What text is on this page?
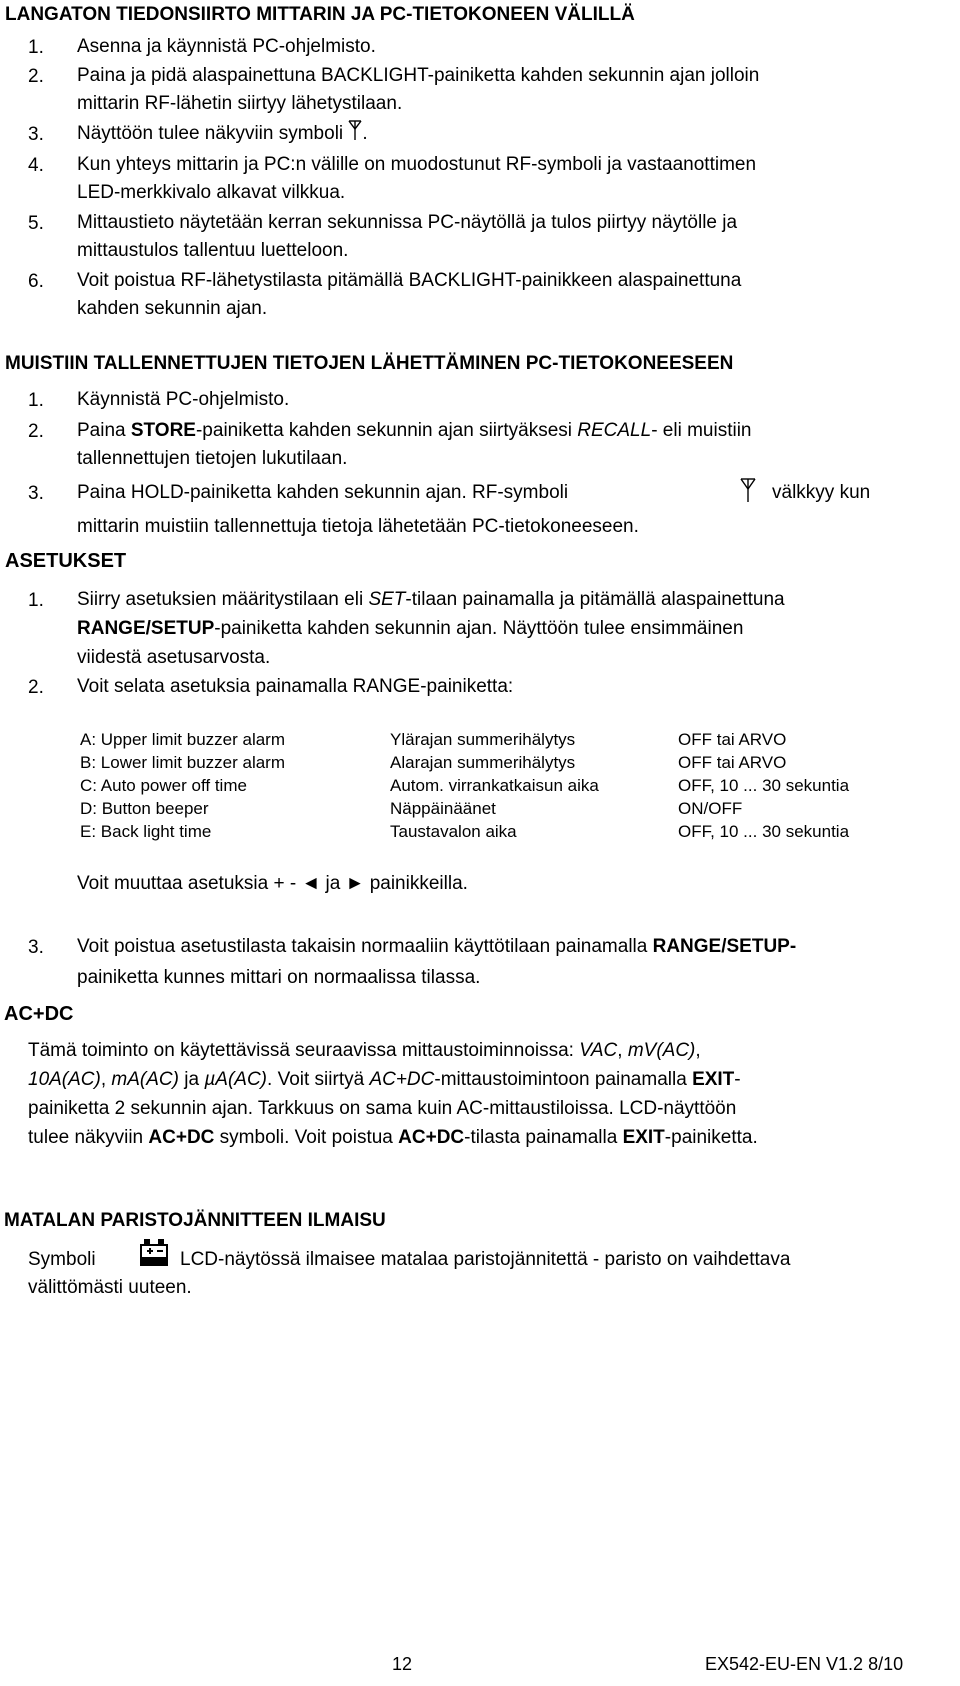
LANGATON TIEDONSIIRTO MITTARIN JA PC-TIETOKONEEN VÄLILLÄ
1. Asenna ja käynnistä PC-ohjelmisto.
2. Paina ja pidä alaspainettuna BACKLIGHT-painiketta kahden sekunnin ajan jolloin
mittarin RF-lähetin siirtyy lähetystilaan.
3. Näyttöön tulee näkyviin symboli .
4. Kun yhteys mittarin ja PC:n välille on muodostunut RF-symboli ja vastaanottimen
LED-merkkivalo alkavat vilkkua.
5. Mittaustieto näytetään kerran sekunnissa PC-näytöllä ja tulos piirtyy näytölle ja
mittaustulos tallentuu luetteloon.
6. Voit poistua RF-lähetystilasta pitämällä BACKLIGHT-painikkeen alaspainettuna
kahden sekunnin ajan.
MUISTIIN TALLENNETTUJEN TIETOJEN LÄHETTÄMINEN PC-TIETOKONEESEEN
1. Käynnistä PC-ohjelmisto.
2. Paina STORE-painiketta kahden sekunnin ajan siirtyäksesi RECALL- eli muistiin
tallennettujen tietojen lukutilaan.
3. Paina HOLD-painiketta kahden sekunnin ajan. RF-symboli	välkkyy kun
mittarin muistiin tallennettuja tietoja lähetetään PC-tietokoneeseen.
ASETUKSET
1. Siirry asetuksien määritystilaan eli SET-tilaan painamalla ja pitämällä alaspainettuna
RANGE/SETUP-painiketta kahden sekunnin ajan. Näyttöön tulee ensimmäinen
viidestä asetusarvosta.
2. Voit selata asetuksia painamalla RANGE-painiketta:
A: Upper limit buzzer alarm	Ylärajan summerihälytys	OFF tai ARVO
B: Lower limit buzzer alarm	Alarajan summerihälytys	OFF tai ARVO
C: Auto power off time	Autom. virrankatkaisun aika	OFF, 10 ... 30 sekuntia
D: Button beeper	Näppäinäänet	ON/OFF
E: Back light time	Taustavalon aika	OFF, 10 ... 30 sekuntia
Voit muuttaa asetuksia + - ◄ ja ► painikkeilla.
3. Voit poistua asetustilasta takaisin normaaliin käyttötilaan painamalla RANGE/SETUP-
painiketta kunnes mittari on normaalissa tilassa.
AC+DC
Tämä toiminto on käytettävissä seuraavissa mittaustoiminnoissa: VAC, mV(AC),
10A(AC), mA(AC) ja µA(AC). Voit siirtyä AC+DC-mittaustoimintoon painamalla EXIT-
painiketta 2 sekunnin ajan. Tarkkuus on sama kuin AC-mittaustiloissa. LCD-näyttöön
tulee näkyviin AC+DC symboli. Voit poistua AC+DC-tilasta painamalla EXIT-painiketta.
MATALAN PARISTOJÄNNITTEEN ILMAISU
Symboli	LCD-näytössä ilmaisee matalaa paristojännitettä - paristo on vaihdettava
välittömästi uuteen.
12	EX542-EU-EN V1.2 8/10
